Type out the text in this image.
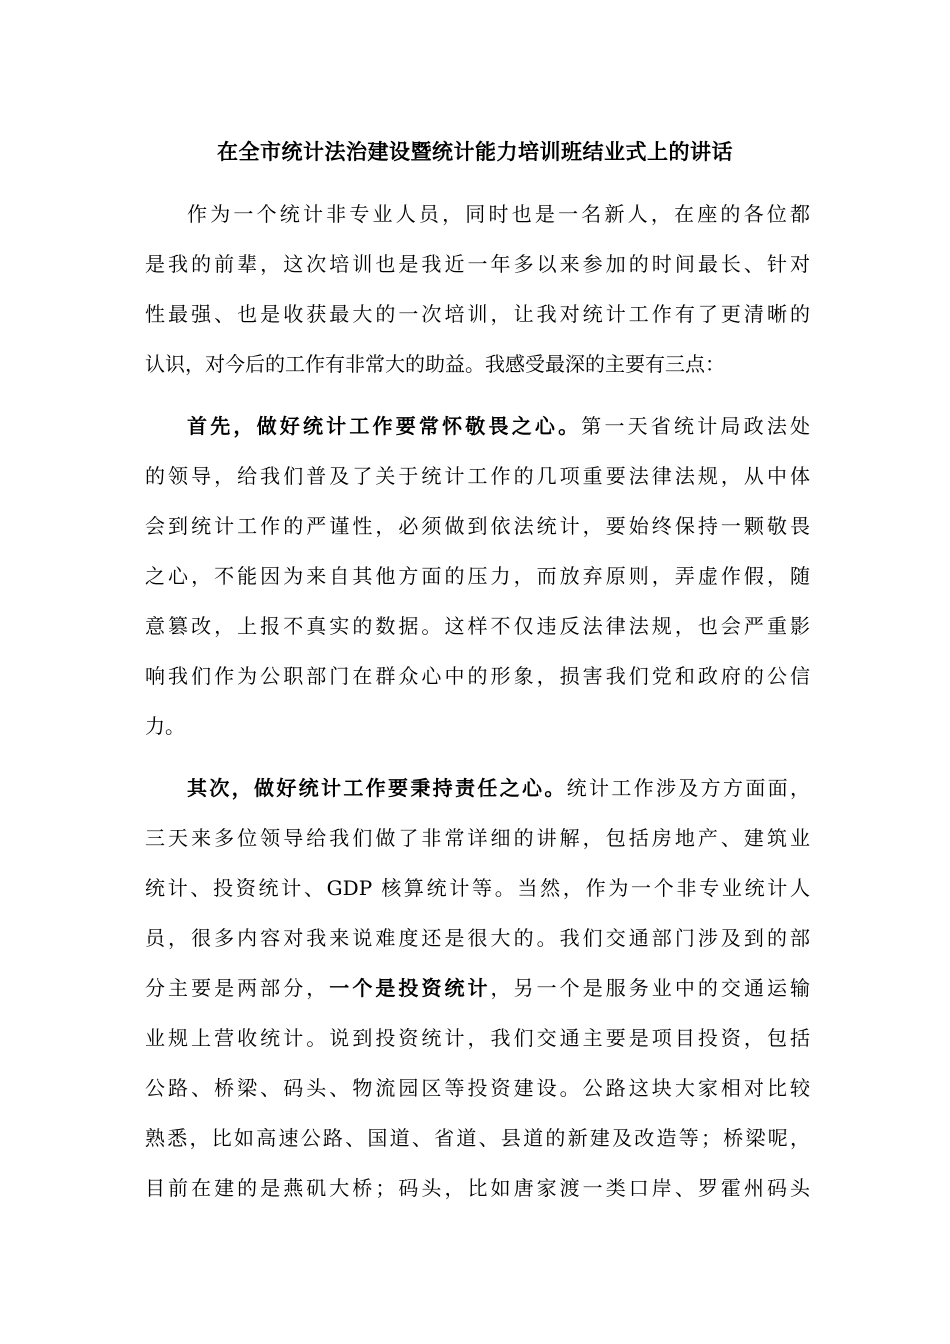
在全市统计法治建设暨统计能力培训班结业式上的讲话
作为一个统计非专业人员，同时也是一名新人，在座的各位都
是我的前辈，这次培训也是我近一年多以来参加的时间最长、针对
性最强、也是收获最大的一次培训，让我对统计工作有了更清晰的
认识，对今后的工作有非常大的助益。我感受最深的主要有三点：
首先，做好统计工作要常怀敬畏之心。第一天省统计局政法处
的领导，给我们普及了关于统计工作的几项重要法律法规，从中体
会到统计工作的严谨性，必须做到依法统计，要始终保持一颗敬畏
之心，不能因为来自其他方面的压力，而放弃原则，弄虚作假，随
意篡改，上报不真实的数据。这样不仅违反法律法规，也会严重影
响我们作为公职部门在群众心中的形象，损害我们党和政府的公信
力。
其次，做好统计工作要秉持责任之心。统计工作涉及方方面面，
三天来多位领导给我们做了非常详细的讲解，包括房地产、建筑业
统计、投资统计、GDP 核算统计等。当然，作为一个非专业统计人
员，很多内容对我来说难度还是很大的。我们交通部门涉及到的部
分主要是两部分，一个是投资统计，另一个是服务业中的交通运输
业规上营收统计。说到投资统计，我们交通主要是项目投资，包括
公路、桥梁、码头、物流园区等投资建设。公路这块大家相对比较
熟悉，比如高速公路、国道、省道、县道的新建及改造等；桥梁呢，
目前在建的是燕矶大桥；码头，比如唐家渡一类口岸、罗霍州码头
